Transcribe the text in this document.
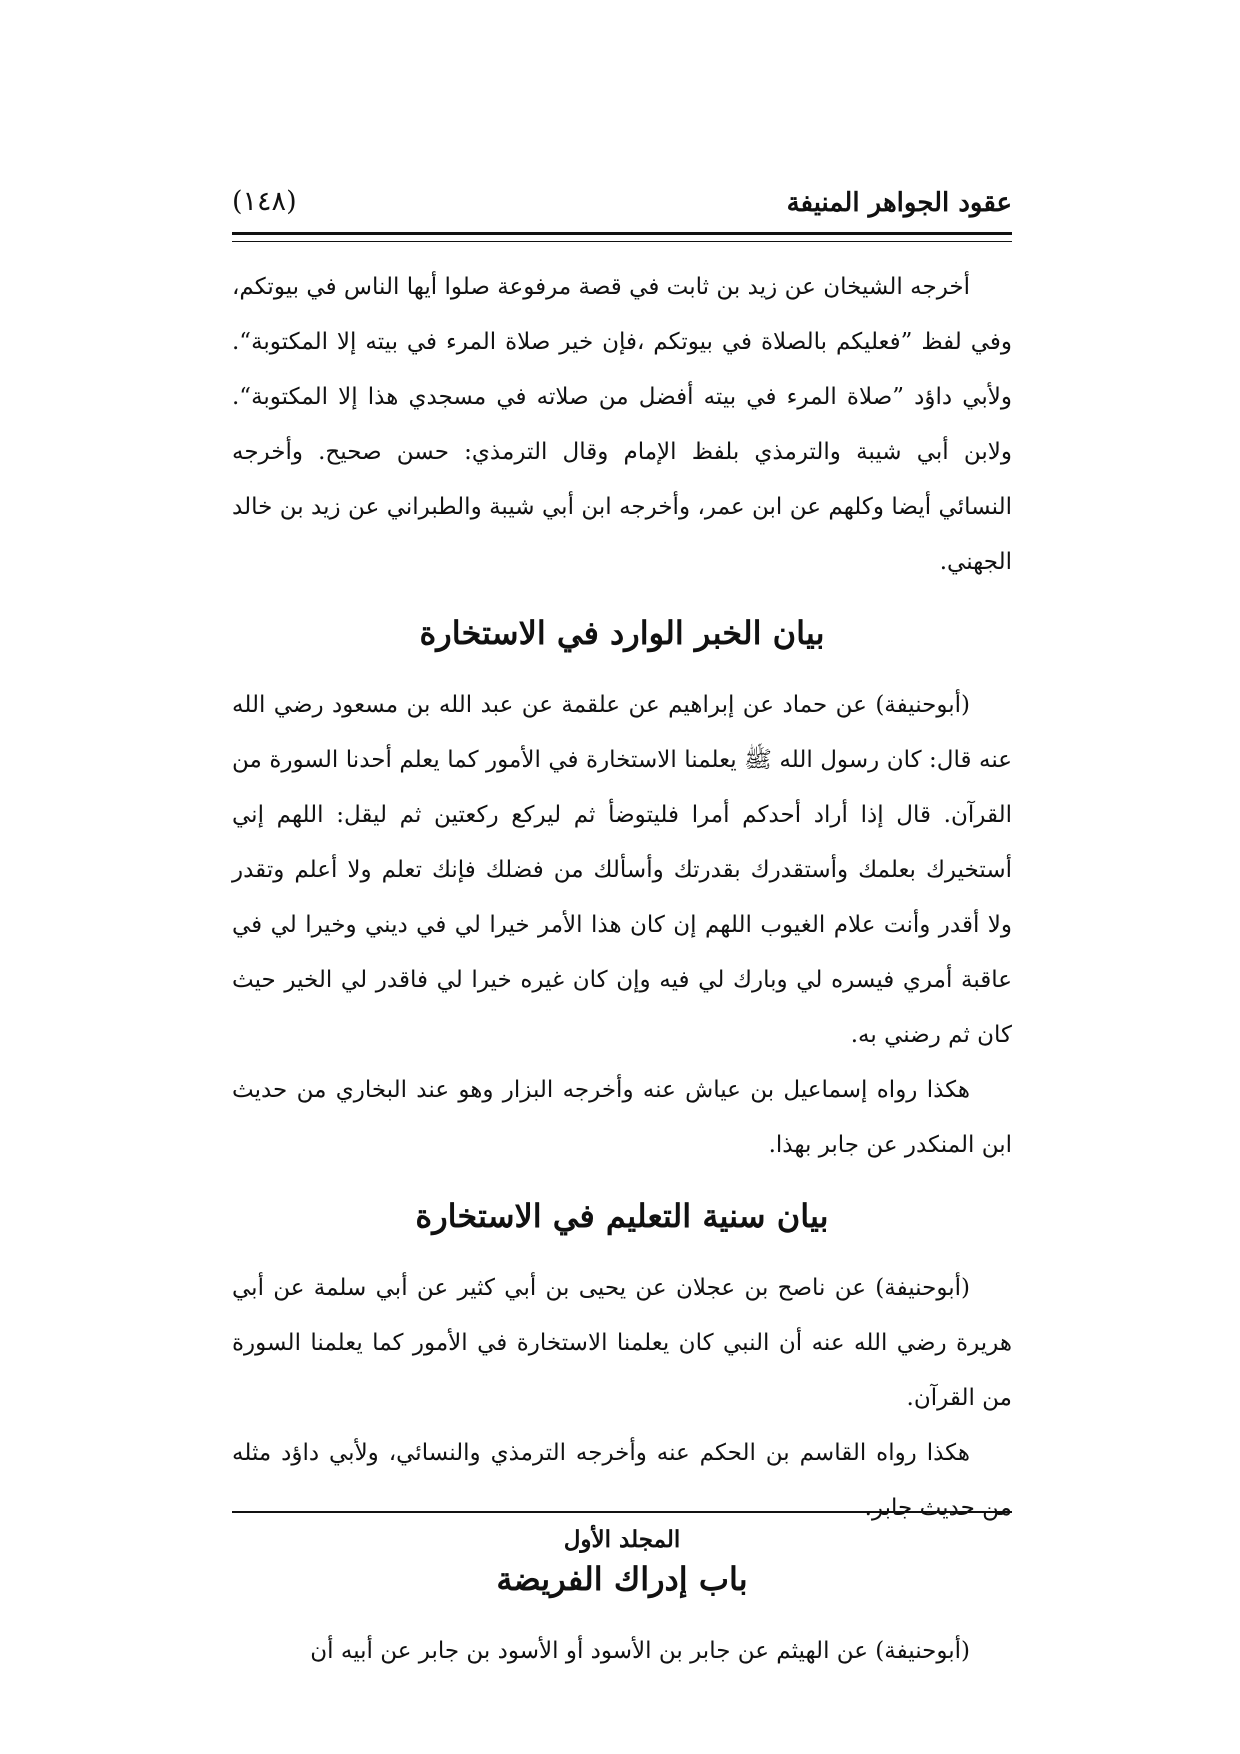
عقود الجواهر المنيفة
(١٤٨)

أخرجه الشيخان عن زيد بن ثابت في قصة مرفوعة صلوا أيها الناس في بيوتكم، وفي لفظ ”فعليكم بالصلاة في بيوتكم ،فإن خير صلاة المرء في بيته إلا المكتوبة“. ولأبي داؤد ”صلاة المرء في بيته أفضل من صلاته في مسجدي هذا إلا المكتوبة“. ولابن أبي شيبة والترمذي بلفظ الإمام وقال الترمذي: حسن صحيح. وأخرجه النسائي أيضا وكلهم عن ابن عمر، وأخرجه ابن أبي شيبة والطبراني عن زيد بن خالد الجهني.

بيان الخبر الوارد في الاستخارة

(أبوحنيفة) عن حماد عن إبراهيم عن علقمة عن عبد الله بن مسعود رضي الله عنه قال: كان رسول الله ﷺ يعلمنا الاستخارة في الأمور كما يعلم أحدنا السورة من القرآن. قال إذا أراد أحدكم أمرا فليتوضأ ثم ليركع ركعتين ثم ليقل: اللهم إني أستخيرك بعلمك وأستقدرك بقدرتك وأسألك من فضلك فإنك تعلم ولا أعلم وتقدر ولا أقدر وأنت علام الغيوب اللهم إن كان هذا الأمر خيرا لي في ديني وخيرا لي في عاقبة أمري فيسره لي وبارك لي فيه وإن كان غيره خيرا لي فاقدر لي الخير حيث كان ثم رضني به.

هكذا رواه إسماعيل بن عياش عنه وأخرجه البزار وهو عند البخاري من حديث ابن المنكدر عن جابر بهذا.

بيان سنية التعليم في الاستخارة

(أبوحنيفة) عن ناصح بن عجلان عن يحيى بن أبي كثير عن أبي سلمة عن أبي هريرة رضي الله عنه أن النبي كان يعلمنا الاستخارة في الأمور كما يعلمنا السورة من القرآن.

هكذا رواه القاسم بن الحكم عنه وأخرجه الترمذي والنسائي، ولأبي داؤد مثله من حديث جابر.

باب إدراك الفريضة

(أبوحنيفة) عن الهيثم عن جابر بن الأسود أو الأسود بن جابر عن أبيه أن

المجلد الأول
